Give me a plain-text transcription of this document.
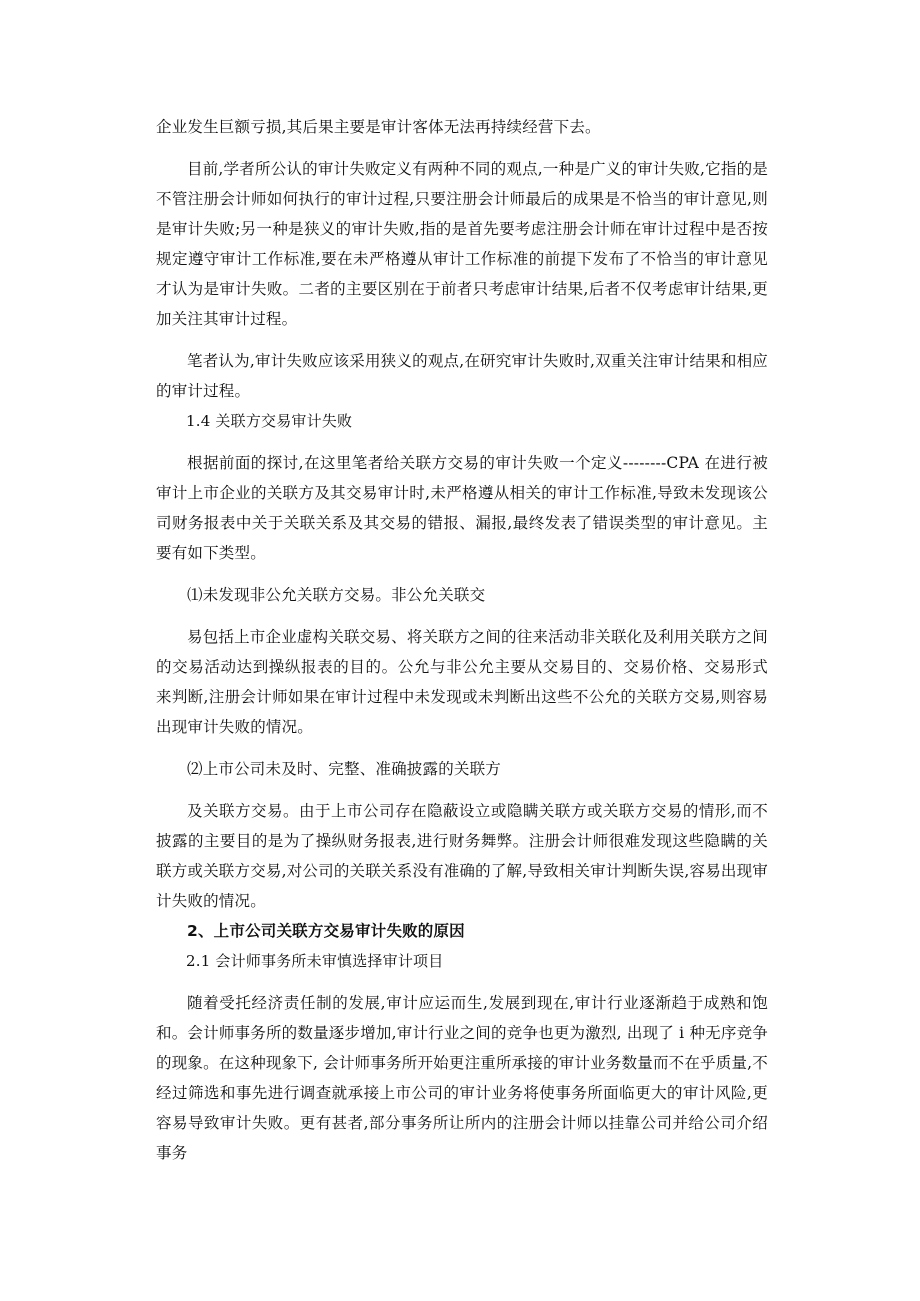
企业发生巨额亏损,其后果主要是审计客体无法再持续经营下去。

目前,学者所公认的审计失败定义有两种不同的观点,一种是广义的审计失败,它指的是不管注册会计师如何执行的审计过程,只要注册会计师最后的成果是不恰当的审计意见,则是审计失败;另一种是狭义的审计失败,指的是首先要考虑注册会计师在审计过程中是否按规定遵守审计工作标准,要在未严格遵从审计工作标准的前提下发布了不恰当的审计意见才认为是审计失败。二者的主要区别在于前者只考虑审计结果,后者不仅考虑审计结果,更加关注其审计过程。

笔者认为,审计失败应该采用狭义的观点,在研究审计失败时,双重关注审计结果和相应的审计过程。

1.4 关联方交易审计失败

根据前面的探讨,在这里笔者给关联方交易的审计失败一个定义--------CPA 在进行被审计上市企业的关联方及其交易审计时,未严格遵从相关的审计工作标准,导致未发现该公司财务报表中关于关联关系及其交易的错报、漏报,最终发表了错误类型的审计意见。主要有如下类型。

⑴未发现非公允关联方交易。非公允关联交

易包括上市企业虚构关联交易、将关联方之间的往来活动非关联化及利用关联方之间的交易活动达到操纵报表的目的。公允与非公允主要从交易目的、交易价格、交易形式来判断,注册会计师如果在审计过程中未发现或未判断出这些不公允的关联方交易,则容易出现审计失败的情况。

⑵上市公司未及时、完整、准确披露的关联方

及关联方交易。由于上市公司存在隐蔽设立或隐瞒关联方或关联方交易的情形,而不披露的主要目的是为了操纵财务报表,进行财务舞弊。注册会计师很难发现这些隐瞒的关联方或关联方交易,对公司的关联关系没有准确的了解,导致相关审计判断失误,容易出现审计失败的情况。

2、上市公司关联方交易审计失败的原因

2.1 会计师事务所未审慎选择审计项目

随着受托经济责任制的发展,审计应运而生,发展到现在,审计行业逐渐趋于成熟和饱和。会计师事务所的数量逐步增加,审计行业之间的竞争也更为激烈, 出现了 i 种无序竞争的现象。在这种现象下, 会计师事务所开始更注重所承接的审计业务数量而不在乎质量,不经过筛选和事先进行调查就承接上市公司的审计业务将使事务所面临更大的审计风险,更容易导致审计失败。更有甚者,部分事务所让所内的注册会计师以挂靠公司并给公司介绍事务
